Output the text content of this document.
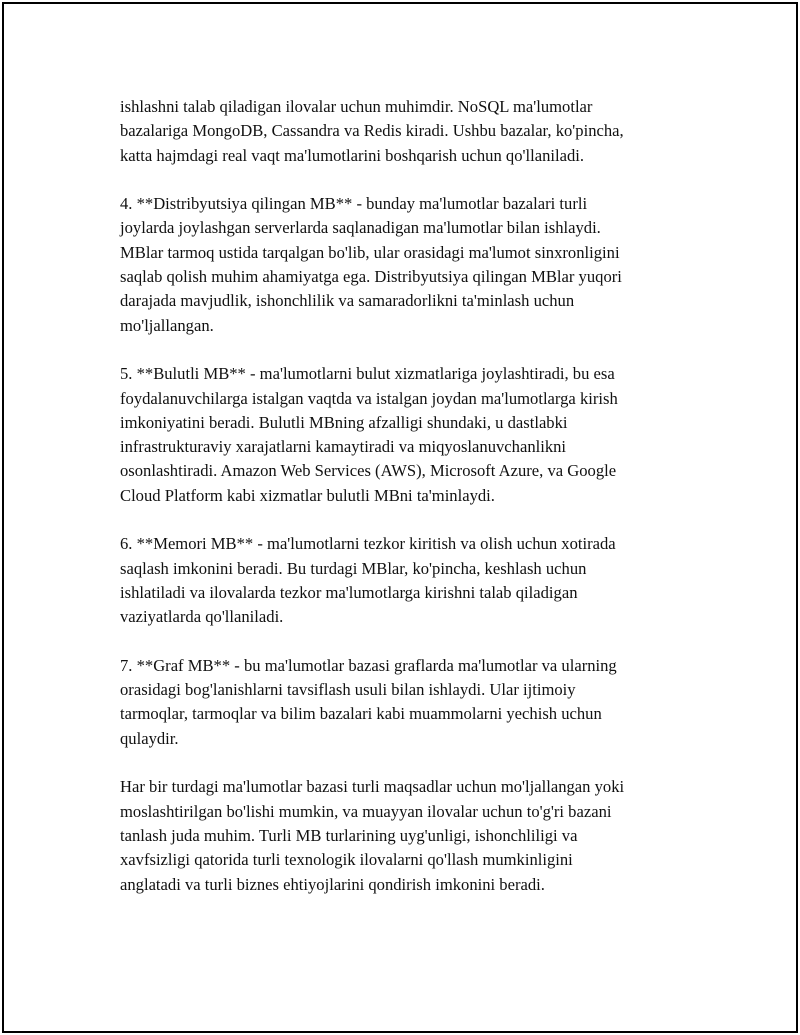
ishlashni talab qiladigan ilovalar uchun muhimdir. NoSQL ma'lumotlar
bazalariga MongoDB, Cassandra va Redis kiradi. Ushbu bazalar, ko'pincha,
katta hajmdagi real vaqt ma'lumotlarini boshqarish uchun qo'llaniladi.

4. **Distribyutsiya qilingan MB** - bunday ma'lumotlar bazalari turli
joylarda joylashgan serverlarda saqlanadigan ma'lumotlar bilan ishlaydi.
MBlar tarmoq ustida tarqalgan bo'lib, ular orasidagi ma'lumot sinxronligini
saqlab qolish muhim ahamiyatga ega. Distribyutsiya qilingan MBlar yuqori
darajada mavjudlik, ishonchlilik va samaradorlikni ta'minlash uchun
mo'ljallangan.

5. **Bulutli MB** - ma'lumotlarni bulut xizmatlariga joylashtiradi, bu esa
foydalanuvchilarga istalgan vaqtda va istalgan joydan ma'lumotlarga kirish
imkoniyatini beradi. Bulutli MBning afzalligi shundaki, u dastlabki
infrastrukturaviy xarajatlarni kamaytiradi va miqyoslanuvchanlikni
osonlashtiradi. Amazon Web Services (AWS), Microsoft Azure, va Google
Cloud Platform kabi xizmatlar bulutli MBni ta'minlaydi.

6. **Memori MB** - ma'lumotlarni tezkor kiritish va olish uchun xotirada
saqlash imkonini beradi. Bu turdagi MBlar, ko'pincha, keshlash uchun
ishlatiladi va ilovalarda tezkor ma'lumotlarga kirishni talab qiladigan
vaziyatlarda qo'llaniladi.

7. **Graf MB** - bu ma'lumotlar bazasi graflarda ma'lumotlar va ularning
orasidagi bog'lanishlarni tavsiflash usuli bilan ishlaydi. Ular ijtimoiy
tarmoqlar, tarmoqlar va bilim bazalari kabi muammolarni yechish uchun
qulaydir.

Har bir turdagi ma'lumotlar bazasi turli maqsadlar uchun mo'ljallangan yoki
moslashtirilgan bo'lishi mumkin, va muayyan ilovalar uchun to'g'ri bazani
tanlash juda muhim. Turli MB turlarining uyg'unligi, ishonchliligi va
xavfsizligi qatorida turli texnologik ilovalarni qo'llash mumkinligini
anglatadi va turli biznes ehtiyojlarini qondirish imkonini beradi.
